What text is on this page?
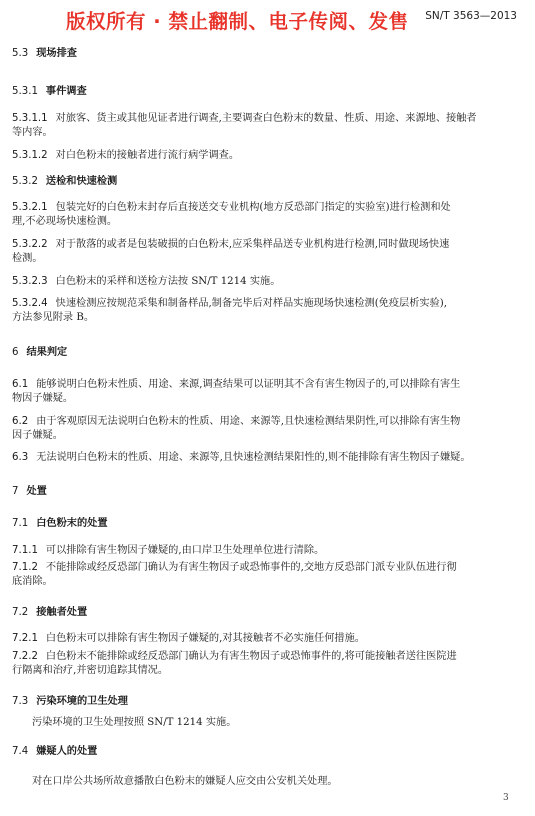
版权所有 · 禁止翻制、电子传阅、发售 SN/T 3563—2013
5.3 现场排查
5.3.1 事件调查
5.3.1.1 对旅客、货主或其他见证者进行调查,主要调查白色粉末的数量、性质、用途、来源地、接触者
等内容。
5.3.1.2 对白色粉末的接触者进行流行病学调查。
5.3.2 送检和快速检测
5.3.2.1 包装完好的白色粉末封存后直接送交专业机构(地方反恐部门指定的实验室)进行检测和处
理,不必现场快速检测。
5.3.2.2 对于散落的或者是包装破损的白色粉末,应采集样品送专业机构进行检测,同时做现场快速
检测。
5.3.2.3 白色粉末的采样和送检方法按 SN/T 1214 实施。
5.3.2.4 快速检测应按规范采集和制备样品,制备完毕后对样品实施现场快速检测(免疫层析实验),
方法参见附录 B。
6 结果判定
6.1 能够说明白色粉末性质、用途、来源,调查结果可以证明其不含有害生物因子的,可以排除有害生
物因子嫌疑。
6.2 由于客观原因无法说明白色粉末的性质、用途、来源等,且快速检测结果阴性,可以排除有害生物
因子嫌疑。
6.3 无法说明白色粉末的性质、用途、来源等,且快速检测结果阳性的,则不能排除有害生物因子嫌疑。
7 处置
7.1 白色粉末的处置
7.1.1 可以排除有害生物因子嫌疑的,由口岸卫生处理单位进行清除。
7.1.2 不能排除或经反恐部门确认为有害生物因子或恐怖事件的,交地方反恐部门派专业队伍进行彻
底消除。
7.2 接触者处置
7.2.1 白色粉末可以排除有害生物因子嫌疑的,对其接触者不必实施任何措施。
7.2.2 白色粉末不能排除或经反恐部门确认为有害生物因子或恐怖事件的,将可能接触者送往医院进
行隔离和治疗,并密切追踪其情况。
7.3 污染环境的卫生处理
污染环境的卫生处理按照 SN/T 1214 实施。
7.4 嫌疑人的处置
对在口岸公共场所故意播散白色粉末的嫌疑人应交由公安机关处理。
3
